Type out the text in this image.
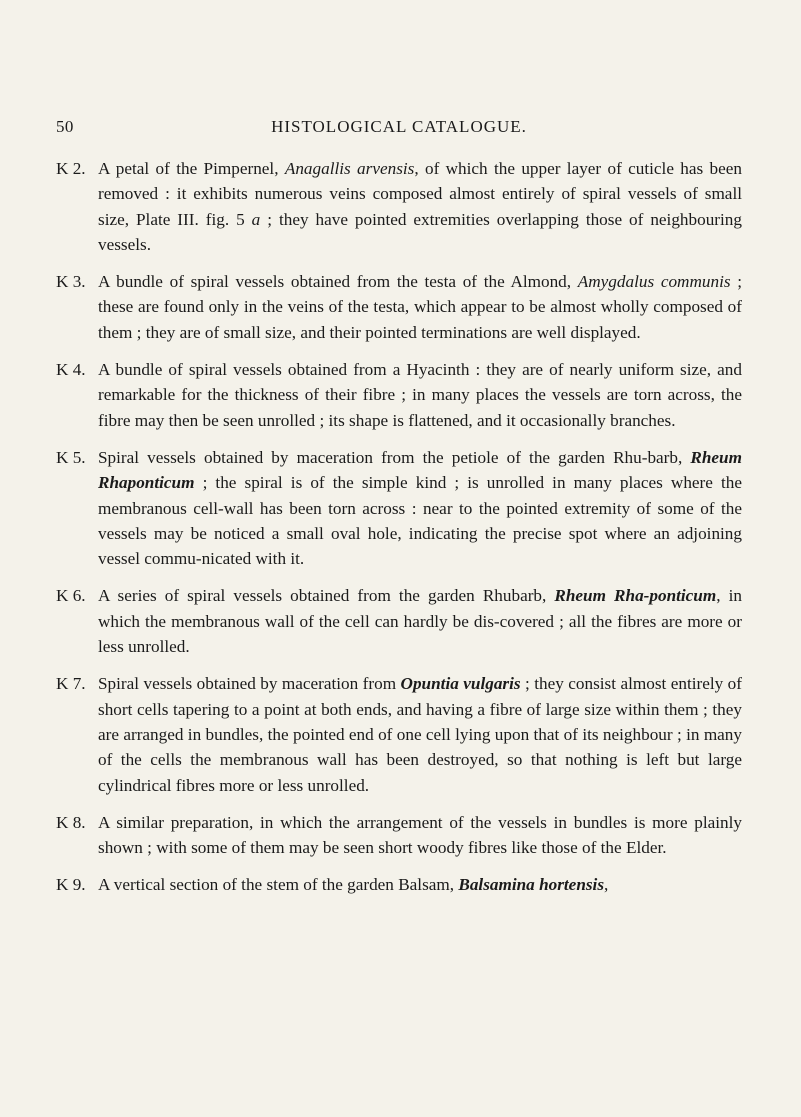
50	HISTOLOGICAL CATALOGUE.
K 2. A petal of the Pimpernel, Anagallis arvensis, of which the upper layer of cuticle has been removed : it exhibits numerous veins composed almost entirely of spiral vessels of small size, Plate III. fig. 5 a ; they have pointed extremities overlapping those of neighbouring vessels.
K 3. A bundle of spiral vessels obtained from the testa of the Almond, Amygdalus communis ; these are found only in the veins of the testa, which appear to be almost wholly composed of them ; they are of small size, and their pointed terminations are well displayed.
K 4. A bundle of spiral vessels obtained from a Hyacinth : they are of nearly uniform size, and remarkable for the thickness of their fibre ; in many places the vessels are torn across, the fibre may then be seen unrolled ; its shape is flattened, and it occasionally branches.
K 5. Spiral vessels obtained by maceration from the petiole of the garden Rhu-barb, Rheum Rhaponticum ; the spiral is of the simple kind ; is unrolled in many places where the membranous cell-wall has been torn across : near to the pointed extremity of some of the vessels may be noticed a small oval hole, indicating the precise spot where an adjoining vessel commu-nicated with it.
K 6. A series of spiral vessels obtained from the garden Rhubarb, Rheum Rha-ponticum, in which the membranous wall of the cell can hardly be dis-covered ; all the fibres are more or less unrolled.
K 7. Spiral vessels obtained by maceration from Opuntia vulgaris ; they consist almost entirely of short cells tapering to a point at both ends, and having a fibre of large size within them ; they are arranged in bundles, the pointed end of one cell lying upon that of its neighbour ; in many of the cells the membranous wall has been destroyed, so that nothing is left but large cylindrical fibres more or less unrolled.
K 8. A similar preparation, in which the arrangement of the vessels in bundles is more plainly shown ; with some of them may be seen short woody fibres like those of the Elder.
K 9. A vertical section of the stem of the garden Balsam, Balsamina hortensis,
